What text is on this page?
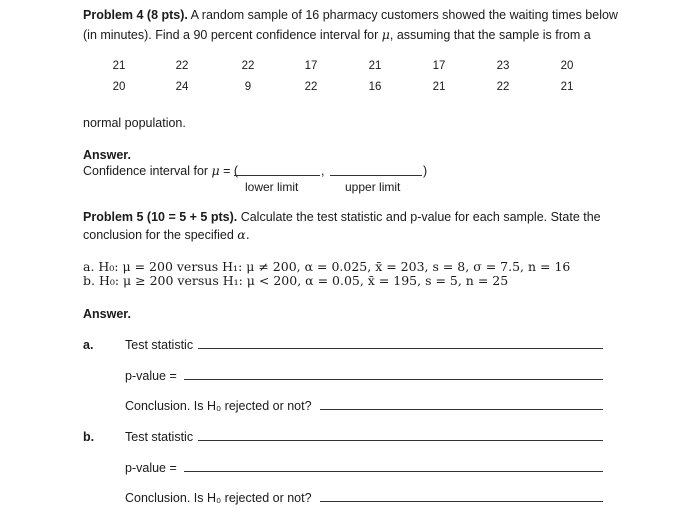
Problem 4 (8 pts). A random sample of 16 pharmacy customers showed the waiting times below
(in minutes). Find a 90 percent confidence interval for μ, assuming that the sample is from a
21	22	22	17	21	17	23	20
20	24	9	22	16	21	22	21
normal population.
Answer.
Confidence interval for μ = (	,	)
lower limit	upper limit
Problem 5 (10 = 5 + 5 pts). Calculate the test statistic and p-value for each sample. State the
conclusion for the specified α.
a. H₀: μ = 200 versus H₁: μ ≠ 200, α = 0.025, x̄ = 203, s = 8, σ = 7.5, n = 16
b. H₀: μ ≥ 200 versus H₁: μ < 200, α = 0.05, x̄ = 195, s = 5, n = 25
Answer.
a.	Test statistic
p-value =
Conclusion. Is H₀ rejected or not?
b. Test statistic
p-value =
Conclusion. Is H₀ rejected or not?
